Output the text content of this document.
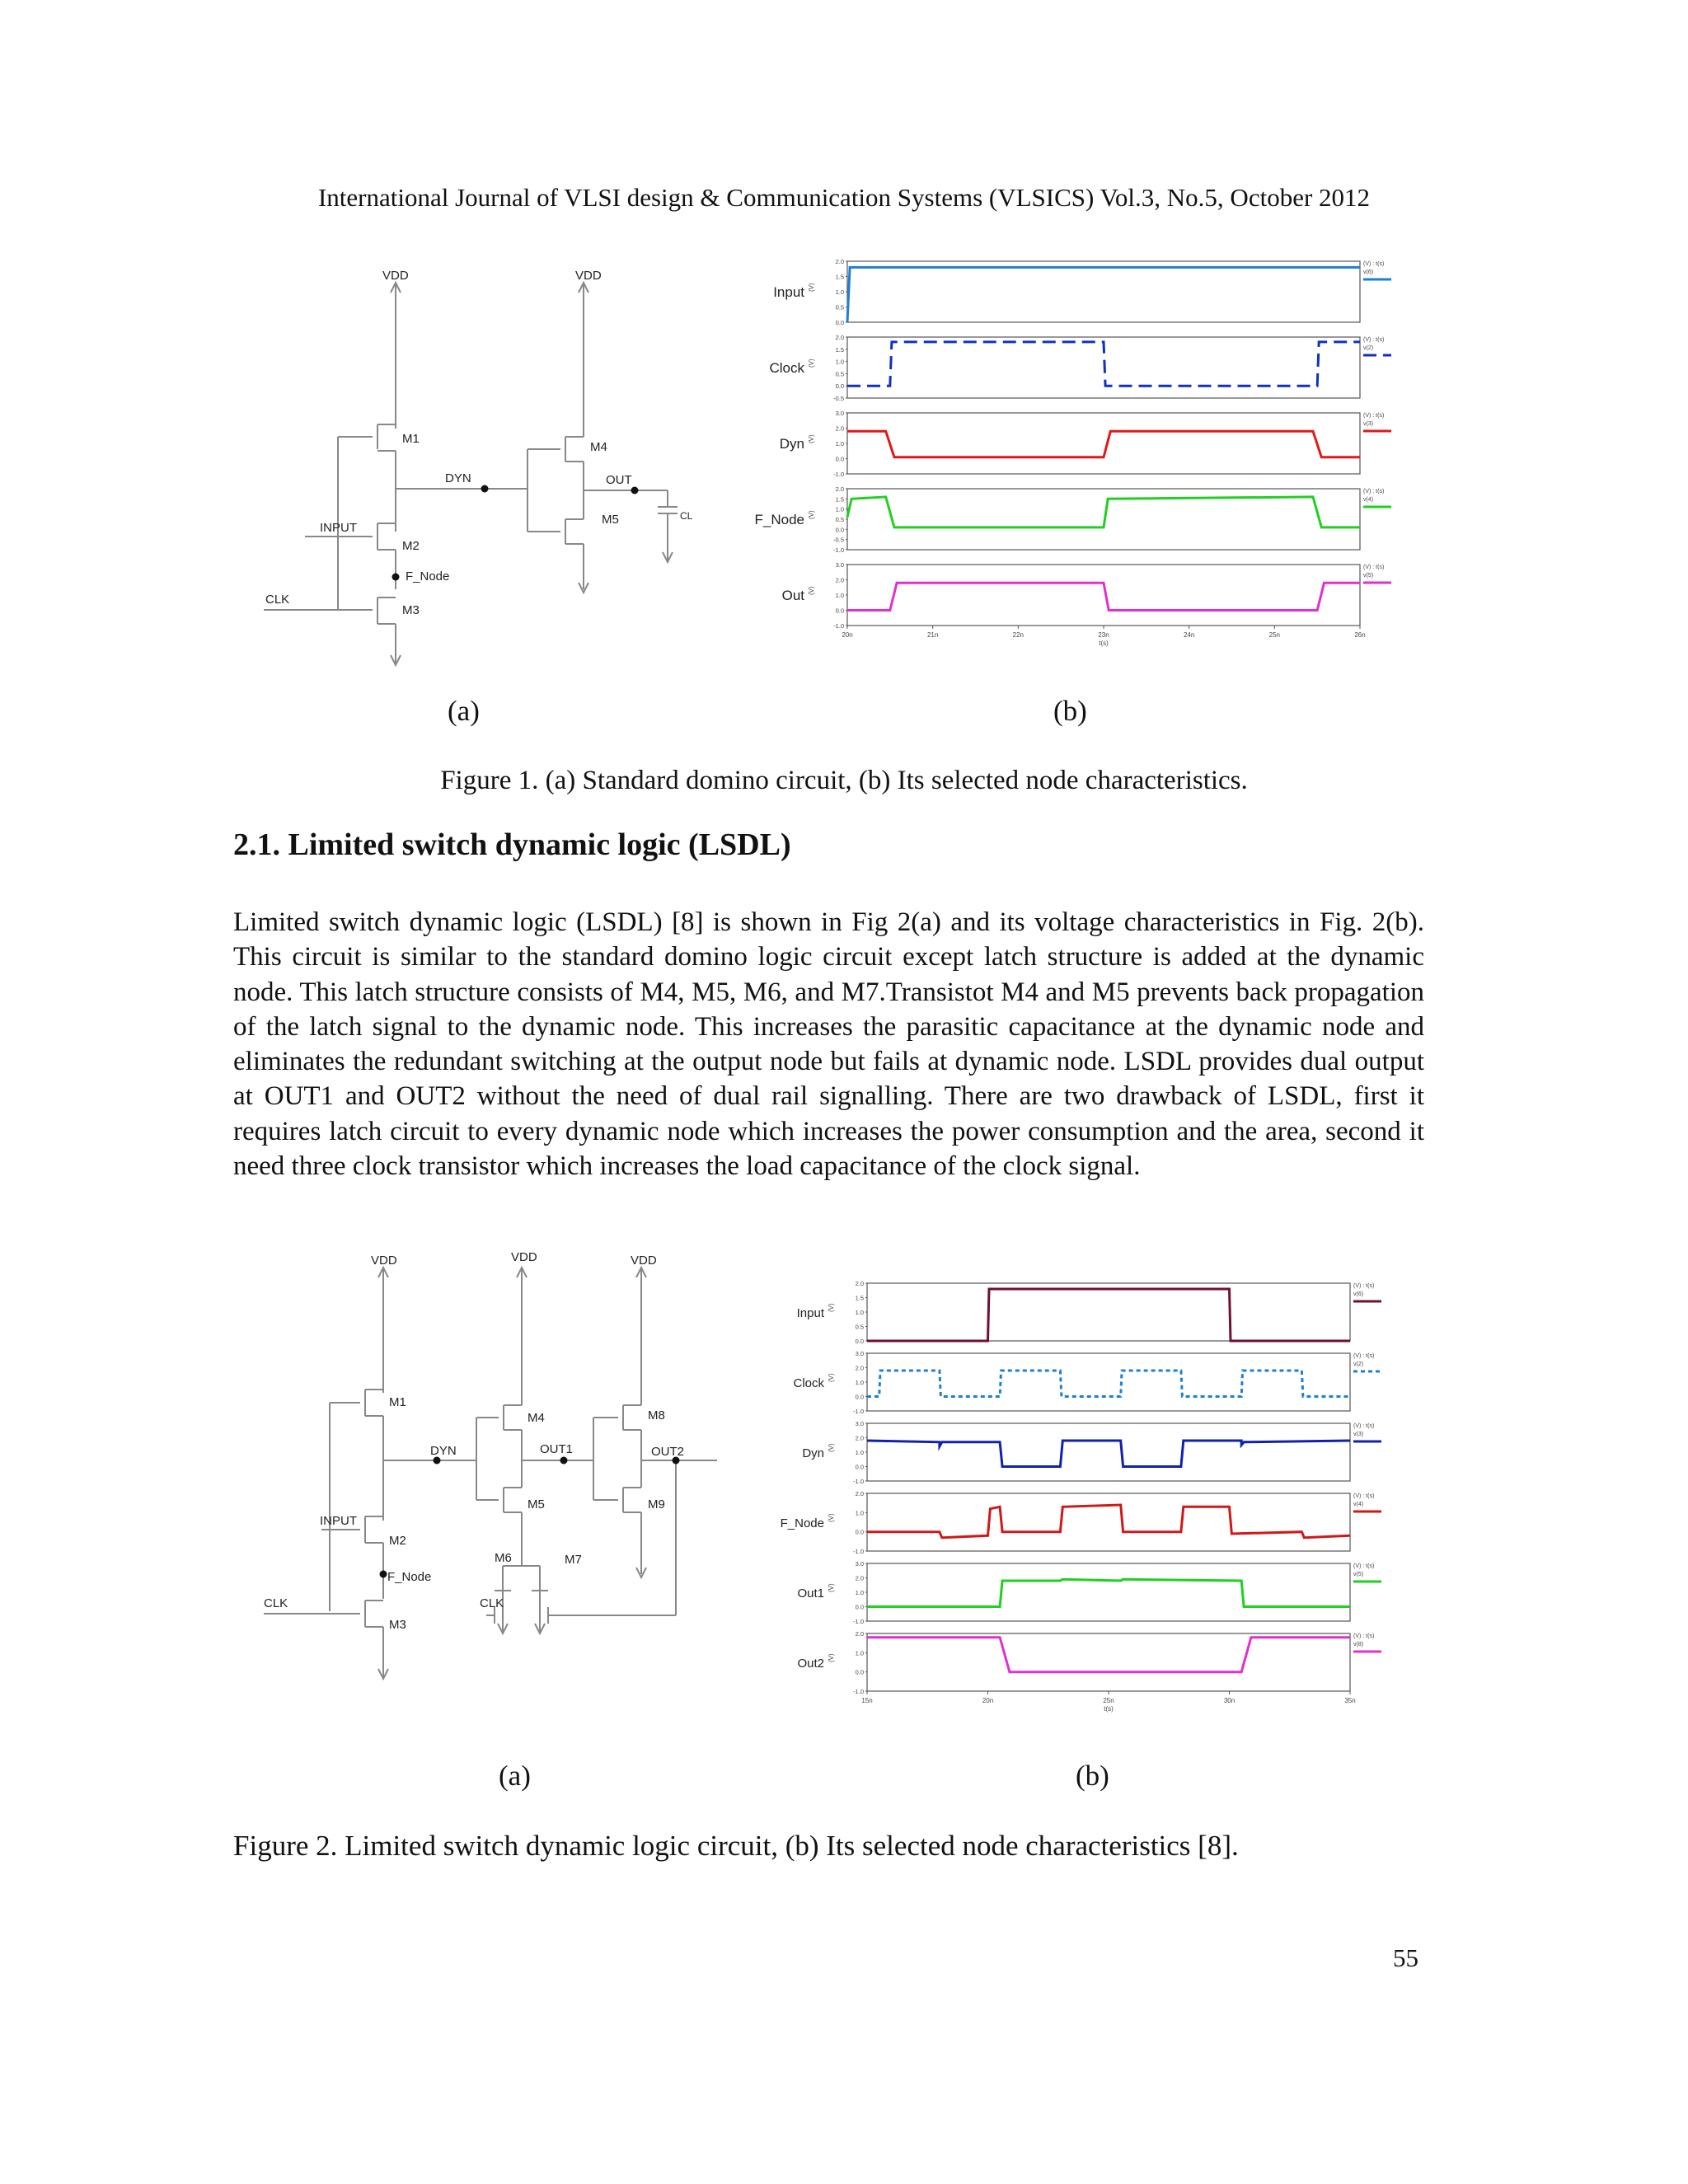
International Journal of VLSI design & Communication Systems (VLSICS) Vol.3, No.5, October 2012
VDD	VDD
M1
M2
M3
M4
M5
DYN	OUT
CL
INPUT
F_Node
CLK
Input (V)
2.0
1.5
1.0
0.5
0.0
(V) : t(s)
v(6)
Clock (V)
2.0
1.5
1.0
0.5
0.0
-0.5
(V) : t(s)
v(2)
Dyn (V)
3.0
2.0
1.0
0.0
-1.0
(V) : t(s)
v(3)
F_Node (V)
2.0
1.5
1.0
0.5
0.0
-0.5
-1.0
(V) : t(s)
v(4)
Out (V)
3.0
2.0
1.0
0.0
-1.0
(V) : t(s)
v(5)
20n	21n	22n	23n	24n	25n	26n
t(s)
(a)	(b)
Figure 1. (a) Standard domino circuit, (b) Its selected node characteristics.
2.1. Limited switch dynamic logic (LSDL)
Limited switch dynamic logic (LSDL) [8] is shown in Fig 2(a) and its voltage characteristics in Fig. 2(b). This circuit is similar to the standard domino logic circuit except latch structure is added at the dynamic node. This latch structure consists of M4, M5, M6, and M7.Transistot M4 and M5 prevents back propagation of the latch signal to the dynamic node. This increases the parasitic capacitance at the dynamic node and eliminates the redundant switching at the output node but fails at dynamic node. LSDL provides dual output at OUT1 and OUT2 without the need of dual rail signalling. There are two drawback of LSDL, first it requires latch circuit to every dynamic node which increases the power consumption and the area, second it need three clock transistor which increases the load capacitance of the clock signal.
VDD	VDD	VDD
M1
M2
M3
M4
M5
M6	M7
M8
M9
DYN	OUT1	OUT2
INPUT
F_Node
CLK	CLK
Input (V)
2.0
1.5
1.0
0.5
0.0
(V) : t(s)
v(6)
Clock (V)
3.0
2.0
1.0
0.0
-1.0
(V) : t(s)
v(2)
Dyn (V)
3.0
2.0
1.0
0.0
-1.0
(V) : t(s)
v(3)
F_Node (V)
2.0
1.0
0.0
-1.0
(V) : t(s)
v(4)
Out1 (V)
3.0
2.0
1.0
0.0
-1.0
(V) : t(s)
v(5)
Out2 (V)
2.0
1.0
0.0
-1.0
(V) : t(s)
v(8)
15n	20n	25n	30n	35n
t(s)
(a)	(b)
Figure 2. Limited switch dynamic logic circuit, (b) Its selected node characteristics [8].
55
